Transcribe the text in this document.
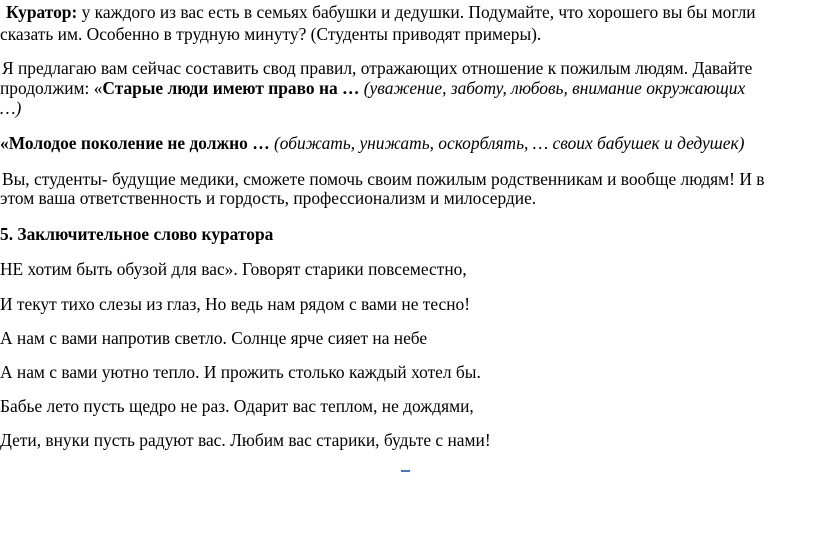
Куратор: у каждого из вас есть в семьях бабушки и дедушки. Подумайте, что хорошего вы бы могли
сказать им. Особенно в трудную минуту? (Студенты приводят примеры).
Я предлагаю вам сейчас составить свод правил, отражающих отношение к пожилым людям. Давайте
продолжим: «Старые люди имеют право на … (уважение, заботу, любовь, внимание окружающих
…)
«Молодое поколение не должно … (обижать, унижать, оскорблять, … своих бабушек и дедушек)
Вы, студенты- будущие медики, сможете помочь своим пожилым родственникам и вообще людям! И в
этом ваша ответственность и гордость, профессионализм и милосердие.
5. Заключительное слово куратора
НЕ хотим быть обузой для вас». Говорят старики повсеместно,
И текут тихо слезы из глаз, Но ведь нам рядом с вами не тесно!
А нам с вами напротив светло. Солнце ярче сияет на небе
А нам с вами уютно тепло. И прожить столько каждый хотел бы.
Бабье лето пусть щедро не раз. Одарит вас теплом, не дождями,
Дети, внуки пусть радуют вас. Любим вас старики, будьте с нами!
